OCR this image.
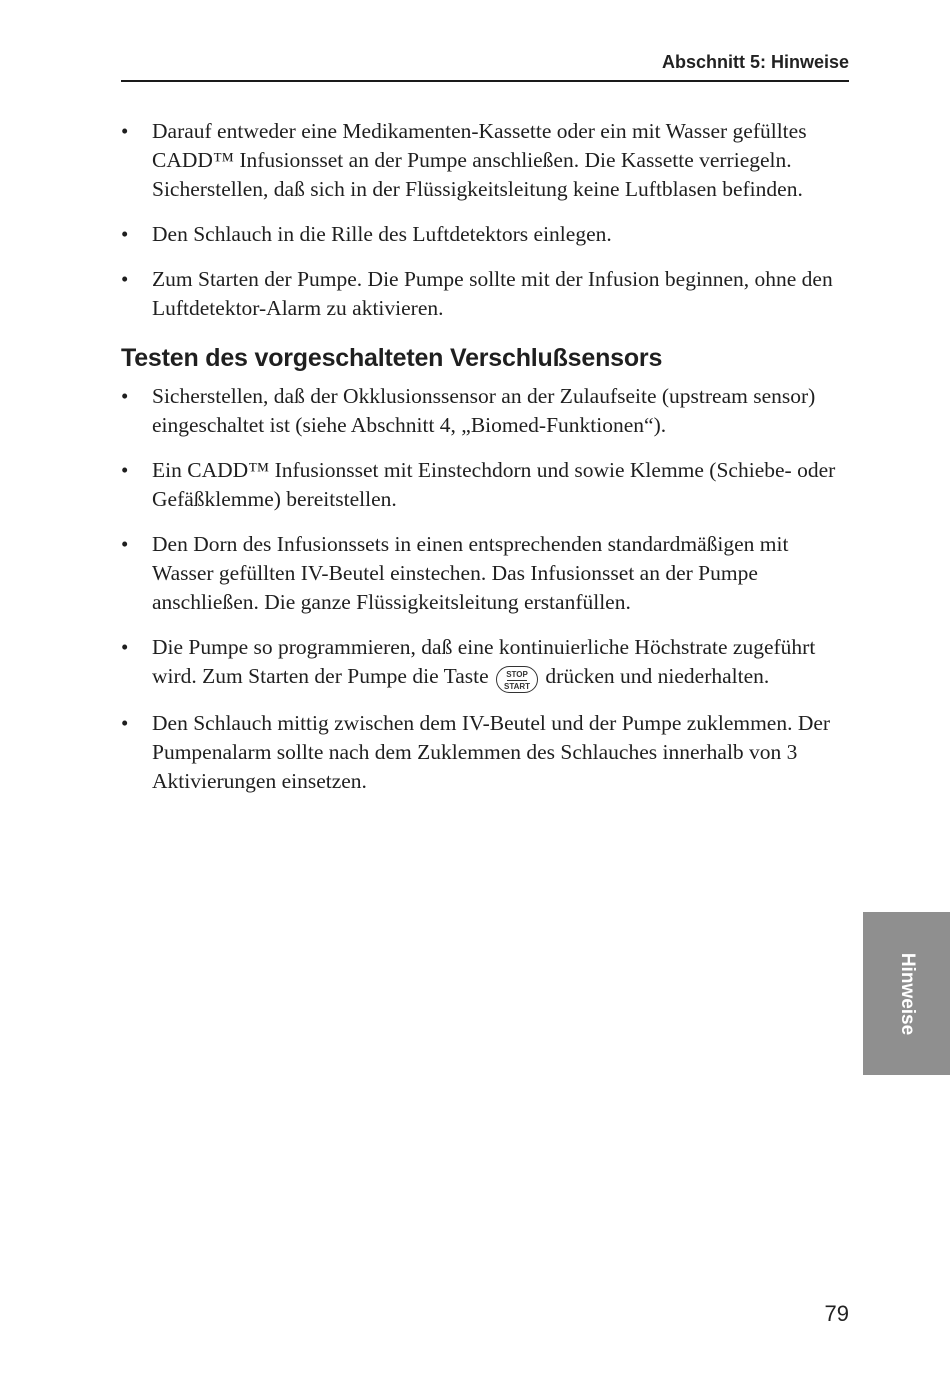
Abschnitt 5: Hinweise
• Darauf entweder eine Medikamenten-Kassette oder ein mit Wasser gefülltes CADD™ Infusionsset an der Pumpe anschließen. Die Kassette verriegeln. Sicherstellen, daß sich in der Flüssigkeitsleitung keine Luftblasen befinden.
• Den Schlauch in die Rille des Luftdetektors einlegen.
• Zum Starten der Pumpe. Die Pumpe sollte mit der Infusion beginnen, ohne den Luftdetektor-Alarm zu aktivieren.
Testen des vorgeschalteten Verschlußsensors
• Sicherstellen, daß der Okklusionssensor an der Zulaufseite (upstream sensor) eingeschaltet ist (siehe Abschnitt 4, „Biomed-Funktionen“).
• Ein CADD™ Infusionsset mit Einstechdorn und sowie Klemme (Schiebe- oder Gefäßklemme) bereitstellen.
• Den Dorn des Infusionssets in einen entsprechenden standardmäßigen mit Wasser gefüllten IV-Beutel einstechen. Das Infusionsset an der Pumpe anschließen. Die ganze Flüssigkeitsleitung erstanfüllen.
• Die Pumpe so programmieren, daß eine kontinuierliche Höchstrate zugeführt wird. Zum Starten der Pumpe die Taste STOP
START drücken und niederhalten.
• Den Schlauch mittig zwischen dem IV-Beutel und der Pumpe zuklemmen. Der Pumpenalarm sollte nach dem Zuklemmen des Schlauches innerhalb von 3 Aktivierungen einsetzen.
Hinweise
79
